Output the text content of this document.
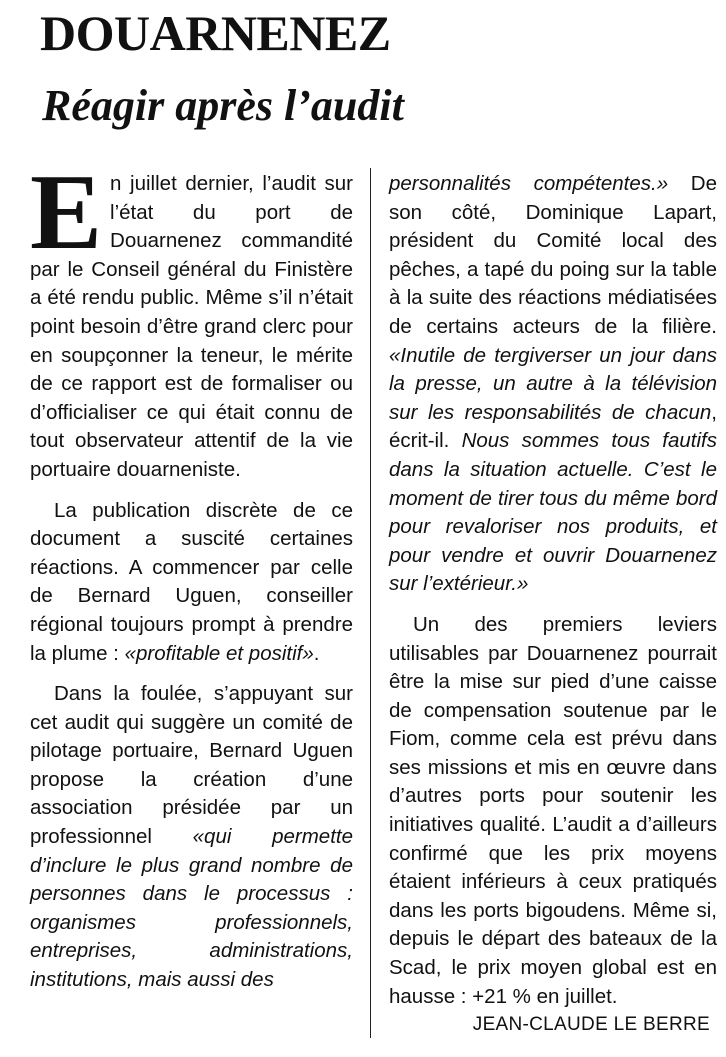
DOUARNENEZ
Réagir après l’audit

En juillet dernier, l’audit sur l’état du port de Douarnenez commandité par le Conseil général du Finistère a été rendu public. Même s’il n’était point besoin d’être grand clerc pour en soupçonner la teneur, le mérite de ce rapport est de formaliser ou d’officialiser ce qui était connu de tout observateur attentif de la vie portuaire douarneniste.

La publication discrète de ce document a suscité certaines réactions. A commencer par celle de Bernard Uguen, conseiller régional toujours prompt à prendre la plume : «profitable et positif».

Dans la foulée, s’appuyant sur cet audit qui suggère un comité de pilotage portuaire, Bernard Uguen propose la création d’une association présidée par un professionnel «qui permette d’inclure le plus grand nombre de personnes dans le processus : organismes professionnels, entreprises, administrations, institutions, mais aussi des

personnalités compétentes.» De son côté, Dominique Lapart, président du Comité local des pêches, a tapé du poing sur la table à la suite des réactions médiatisées de certains acteurs de la filière. «Inutile de tergiverser un jour dans la presse, un autre à la télévision sur les responsabilités de chacun, écrit-il. Nous sommes tous fautifs dans la situation actuelle. C’est le moment de tirer tous du même bord pour revaloriser nos produits, et pour vendre et ouvrir Douarnenez sur l’extérieur.»

Un des premiers leviers utilisables par Douarnenez pourrait être la mise sur pied d’une caisse de compensation soutenue par le Fiom, comme cela est prévu dans ses missions et mis en œuvre dans d’autres ports pour soutenir les initiatives qualité. L’audit a d’ailleurs confirmé que les prix moyens étaient inférieurs à ceux pratiqués dans les ports bigoudens. Même si, depuis le départ des bateaux de la Scad, le prix moyen global est en hausse : +21 % en juillet.

JEAN-CLAUDE LE BERRE
